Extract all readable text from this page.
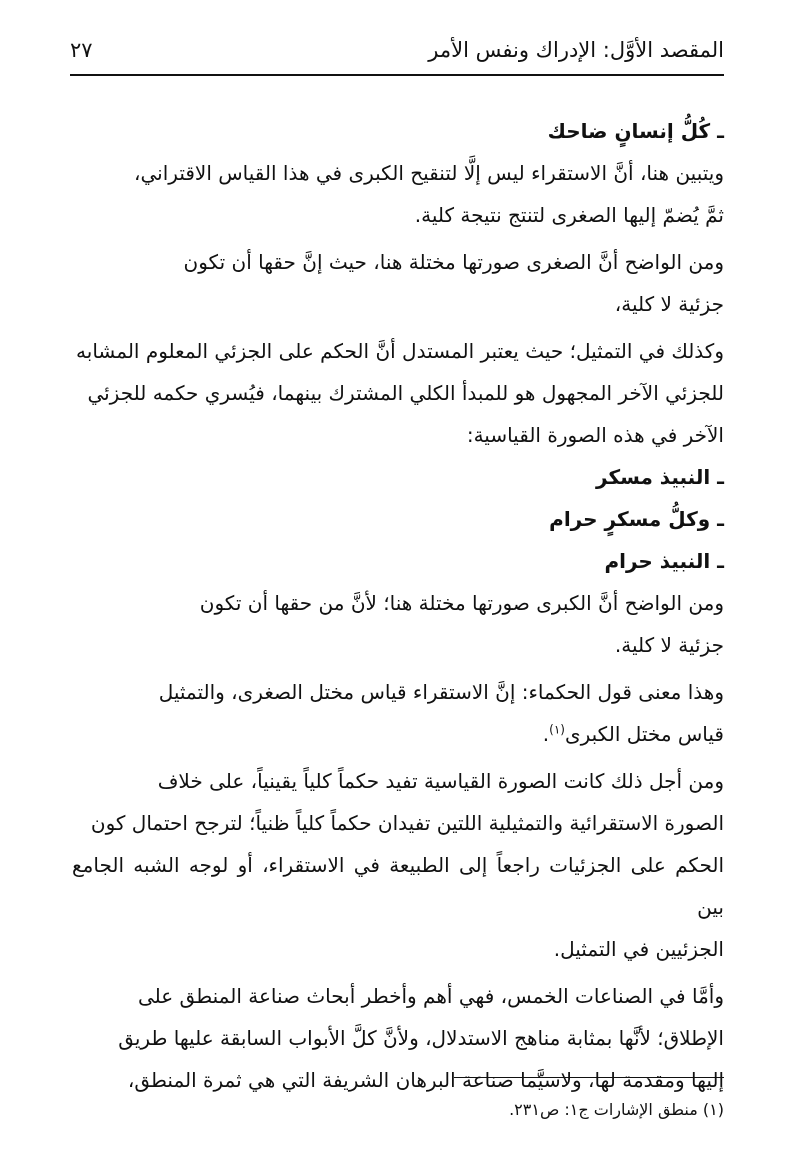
المقصد الأوَّل: الإدراك ونفس الأمر
٢٧

ـ كُلُّ إنسانٍ ضاحك

ويتبين هنا، أنَّ الاستقراء ليس إلَّا لتنقيح الكبرى في هذا القياس الاقتراني،
ثمَّ يُضمّ إليها الصغرى لتنتج نتيجة كلية.

ومن الواضح أنَّ الصغرى صورتها مختلة هنا، حيث إنَّ حقها أن تكون
جزئية لا كلية،

وكذلك في التمثيل؛ حيث يعتبر المستدل أنَّ الحكم على الجزئي المعلوم المشابه
للجزئي الآخر المجهول هو للمبدأ الكلي المشترك بينهما، فيُسري حكمه للجزئي
الآخر في هذه الصورة القياسية:

ـ النبيذ مسكر

ـ وكلُّ مسكرٍ حرام

ـ النبيذ حرام

ومن الواضح أنَّ الكبرى صورتها مختلة هنا؛ لأنَّ من حقها أن تكون
جزئية لا كلية.

وهذا معنى قول الحكماء: إنَّ الاستقراء قياس مختل الصغرى، والتمثيل
قياس مختل الكبرى$^{(١)}$.

ومن أجل ذلك كانت الصورة القياسية تفيد حكماً كلياً يقينياً، على خلاف
الصورة الاستقرائية والتمثيلية اللتين تفيدان حكماً كلياً ظنياً؛ لترجح احتمال كون
الحكم على الجزئيات راجعاً إلى الطبيعة في الاستقراء، أو لوجه الشبه الجامع بين
الجزئيين في التمثيل.

وأمَّا في الصناعات الخمس، فهي أهم وأخطر أبحاث صناعة المنطق على
الإطلاق؛ لأنَّها بمثابة مناهج الاستدلال، ولأنَّ كلَّ الأبواب السابقة عليها طريق
إليها ومقدمة لها، ولاسيَّما صناعة البرهان الشريفة التي هي ثمرة المنطق،

(١) منطق الإشارات ج١: ص٢٣١.
